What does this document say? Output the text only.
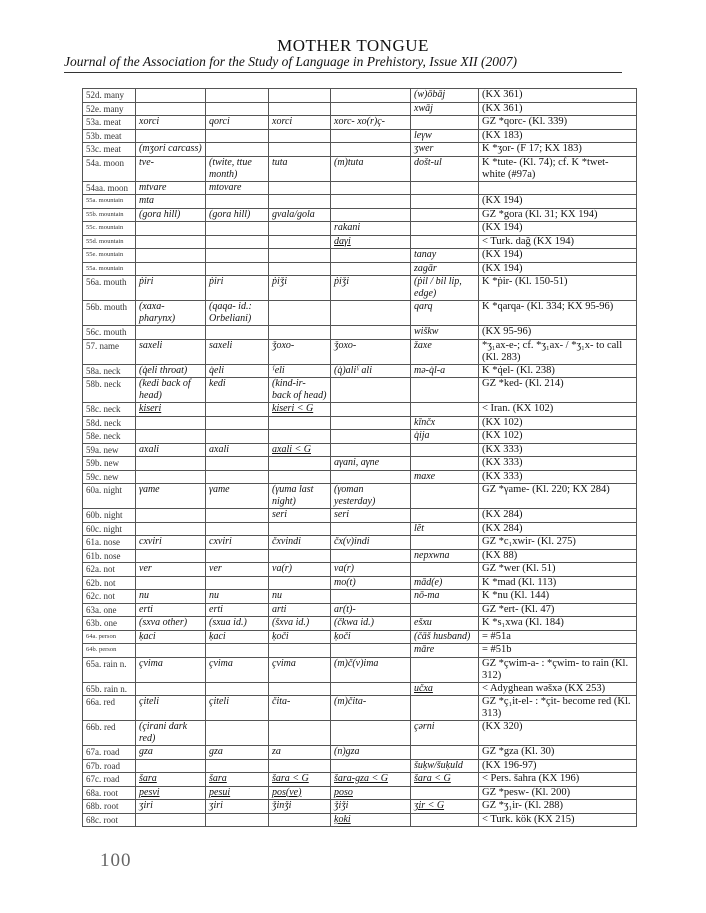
MOTHER TONGUE
Journal of the Association for the Study of Language in Prehistory, Issue XII (2007)
52d. many					(w)ōbāj	(KX 361)
52e. many					xwāj	(KX 361)
53a. meat	xorci	qorci	xorci	xorc- xo(r)ç-		GZ *qorc- (Kl. 339)
53b. meat					leγw	(KX 183)
53c. meat	(mʒori carcass)				ʒwer	K *ʒor- (F 17; KX 183)
54a. moon	tve-	(twite, ttue month)	tuta	(m)tuta	došt-ul	K *tute- (Kl. 74); cf. K *twet- white (#97a)
54aa. moon	mtvare	mtovare				
55a. mountain	mta					(KX 194)
55b. mountain	(gora hill)	(gora hill)	gvala/gola			GZ *gora (Kl. 31; KX 194)
55c. mountain				rakani		(KX 194)
55d. mountain				daγi		< Turk. dağ (KX 194)
55e. mountain					tanay	(KX 194)
55a. mountain					zagār	(KX 194)
56a. mouth	ṗiri	ṗiri	ṗiǯi	ṗiǯi	(ṗil / bil lip, edge)	K *ṗir- (Kl. 150-51)
56b. mouth	(xaxa- pharynx)	(qaqa- id.: Orbeliani)			qarq	K *qarqa- (Kl. 334; KX 95-96)
56c. mouth					wiškw	(KX 95-96)
57. name	saxeli	saxeli	ǯoxo-	ǯoxo-	žaxe	*ʒ₁ax-e-; cf. *ʒ₁ax- / *ʒ₁x- to call (Kl. 283)
58a. neck	(q̇eli throat)	q̇eli	ˁeli	(q̇)aliˁ ali	mə-q̇l-a	K *q̇el- (Kl. 238)
58b. neck	(kedi back of head)	kedi	(kind-ir- back of head)			GZ *ked- (Kl. 214)
58c. neck	kiseri		kiseri < G			< Iran. (KX 102)
58d. neck					kīnčx	(KX 102)
58e. neck					q̇ija	(KX 102)
59a. new	axali	axali	axali < G			(KX 333)
59b. new				aγani, aγne		(KX 333)
59c. new					maxe	(KX 333)
60a. night	γame	γame	(γuma last night)	(γoman yesterday)		GZ *γame- (Kl. 220; KX 284)
60b. night			seri	seri		(KX 284)
60c. night					lĕt	(KX 284)
61a. nose	cxviri	cxviri	čxvindi	čx(v)indi		GZ *c₁xwir- (Kl. 275)
61b. nose					nepxwna	(KX 88)
62a. not	ver	ver	va(r)	va(r)		GZ *wer (Kl. 51)
62b. not				mo(t)	mād(e)	K *mad (Kl. 113)
62c. not	nu	nu	nu		nō-ma	K *nu (Kl. 144)
63a. one	erti	erti	arti	ar(t)-		GZ *ert- (Kl. 47)
63b. one	(sxva other)	(sxua id.)	(šxva id.)	(čkwa id.)	ešxu	K *s₁xwa (Kl. 184)
64a. person	ḳaci	ḳaci	ḳoči	ḳoči	(čāš husband)	= #51a
64b. person					māre	= #51b
65a. rain n.	çvima	çvima	çvima	(m)č(v)ima		GZ *çwim-a- : *çwim- to rain (Kl. 312)
65b. rain n.					učxa	< Adyghean wəšxə (KX 253)
66a. red	çiteli	çiteli	čita-	(m)čita-		GZ *ç₁it-el- : *çit- become red (Kl. 313)
66b. red	(çirani dark red)				çərni	(KX 320)
67a. road	gza	gza	za	(n)gza		GZ *gza (Kl. 30)
67b. road					šuḳw/šuḳuld	(KX 196-97)
67c. road	šara	šara	šara < G	šara-gza < G	šara < G	< Pers. šahra (KX 196)
68a. root	pesvi	pesui	pos(ve)	poso		GZ *pesw- (Kl. 200)
68b. root	ʒiri	ʒiri	ǯinǯi	ǯiǯi	ʒir < G	GZ *ʒ₁ir- (Kl. 288)
68c. root				ḳoki		< Turk. kök (KX 215)
100
